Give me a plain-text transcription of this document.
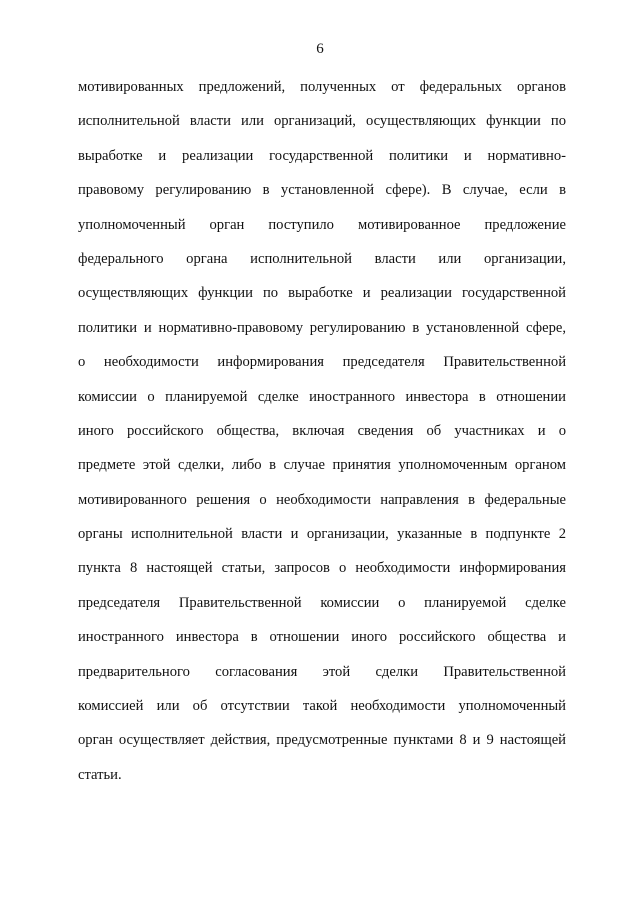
6
мотивированных предложений, полученных от федеральных органов
исполнительной власти или организаций, осуществляющих функции по
выработке и реализации государственной политики и нормативно-
правовому регулированию в установленной сфере). В случае, если в
уполномоченный орган поступило мотивированное предложение
федерального органа исполнительной власти или организации,
осуществляющих функции по выработке и реализации государственной
политики и нормативно-правовому регулированию в установленной сфере,
о необходимости информирования председателя Правительственной
комиссии о планируемой сделке иностранного инвестора в отношении
иного российского общества, включая сведения об участниках и о
предмете этой сделки, либо в случае принятия уполномоченным органом
мотивированного решения о необходимости направления в федеральные
органы исполнительной власти и организации, указанные в подпункте 2
пункта 8 настоящей статьи, запросов о необходимости информирования
председателя Правительственной комиссии о планируемой сделке
иностранного инвестора в отношении иного российского общества и
предварительного согласования этой сделки Правительственной
комиссией или об отсутствии такой необходимости уполномоченный
орган осуществляет действия, предусмотренные пунктами 8 и 9 настоящей
статьи.
